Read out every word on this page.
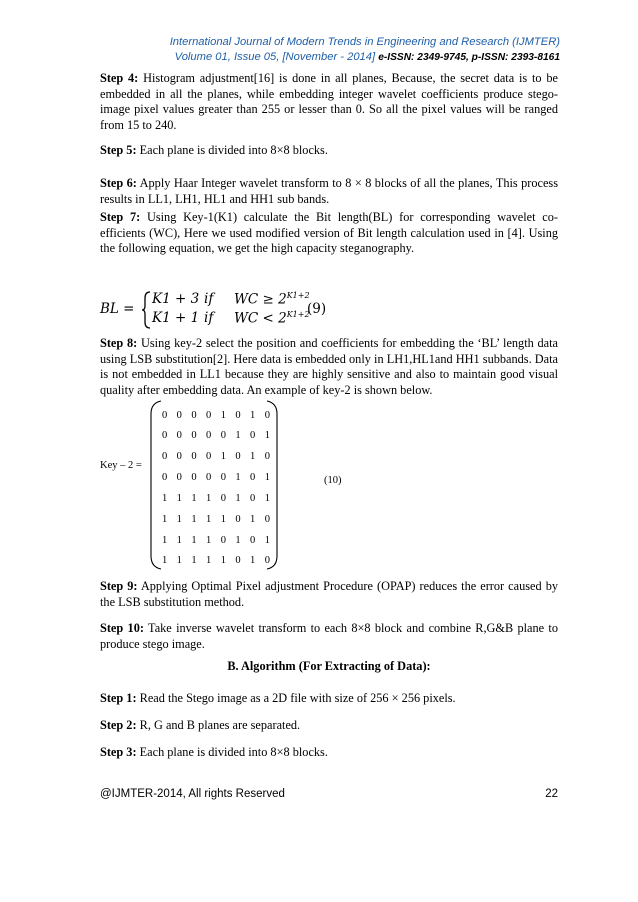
International Journal of Modern Trends in Engineering and Research (IJMTER)
Volume 01, Issue 05, [November - 2014] e-ISSN: 2349-9745, p-ISSN: 2393-8161
Step 4: Histogram adjustment[16] is done in all planes, Because, the secret data is to be embedded in all the planes, while embedding integer wavelet coefficients produce stego-image pixel values greater than 255 or lesser than 0. So all the pixel values will be ranged from 15 to 240.
Step 5: Each plane is divided into 8×8 blocks.
Step 6: Apply Haar Integer wavelet transform to 8 × 8 blocks of all the planes, This process results in LL1, LH1, HL1 and HH1 sub bands.
Step 7: Using Key-1(K1) calculate the Bit length(BL) for corresponding wavelet co-efficients (WC), Here we used modified version of Bit length calculation used in [4]. Using the following equation, we get the high capacity steganography.
BL =
K1 + 3 if WC ≥ $2^{K1+2}$
K1 + 1 if WC < $2^{K1+2}$
(9)
Step 8: Using key-2 select the position and coefficients for embedding the ‘BL’ length data using LSB substitution[2]. Here data is embedded only in LH1,HL1and HH1 subbands. Data is not embedded in LL1 because they are highly sensitive and also to maintain good visual quality after embedding data. An example of key-2 is shown below.
Key – 2 =
0 0 0 0 1 0 1 0
0 0 0 0 0 1 0 1
0 0 0 0 1 0 1 0
0 0 0 0 0 1 0 1
1 1 1 1 0 1 0 1
1 1 1 1 1 0 1 0
1 1 1 1 0 1 0 1
1 1 1 1 1 0 1 0
(10)
Step 9: Applying Optimal Pixel adjustment Procedure (OPAP) reduces the error caused by the LSB substitution method.
Step 10: Take inverse wavelet transform to each 8×8 block and combine R,G&B plane to produce stego image.
B. Algorithm (For Extracting of Data):
Step 1: Read the Stego image as a 2D file with size of 256 × 256 pixels.
Step 2: R, G and B planes are separated.
Step 3: Each plane is divided into 8×8 blocks.
@IJMTER-2014, All rights Reserved	22
